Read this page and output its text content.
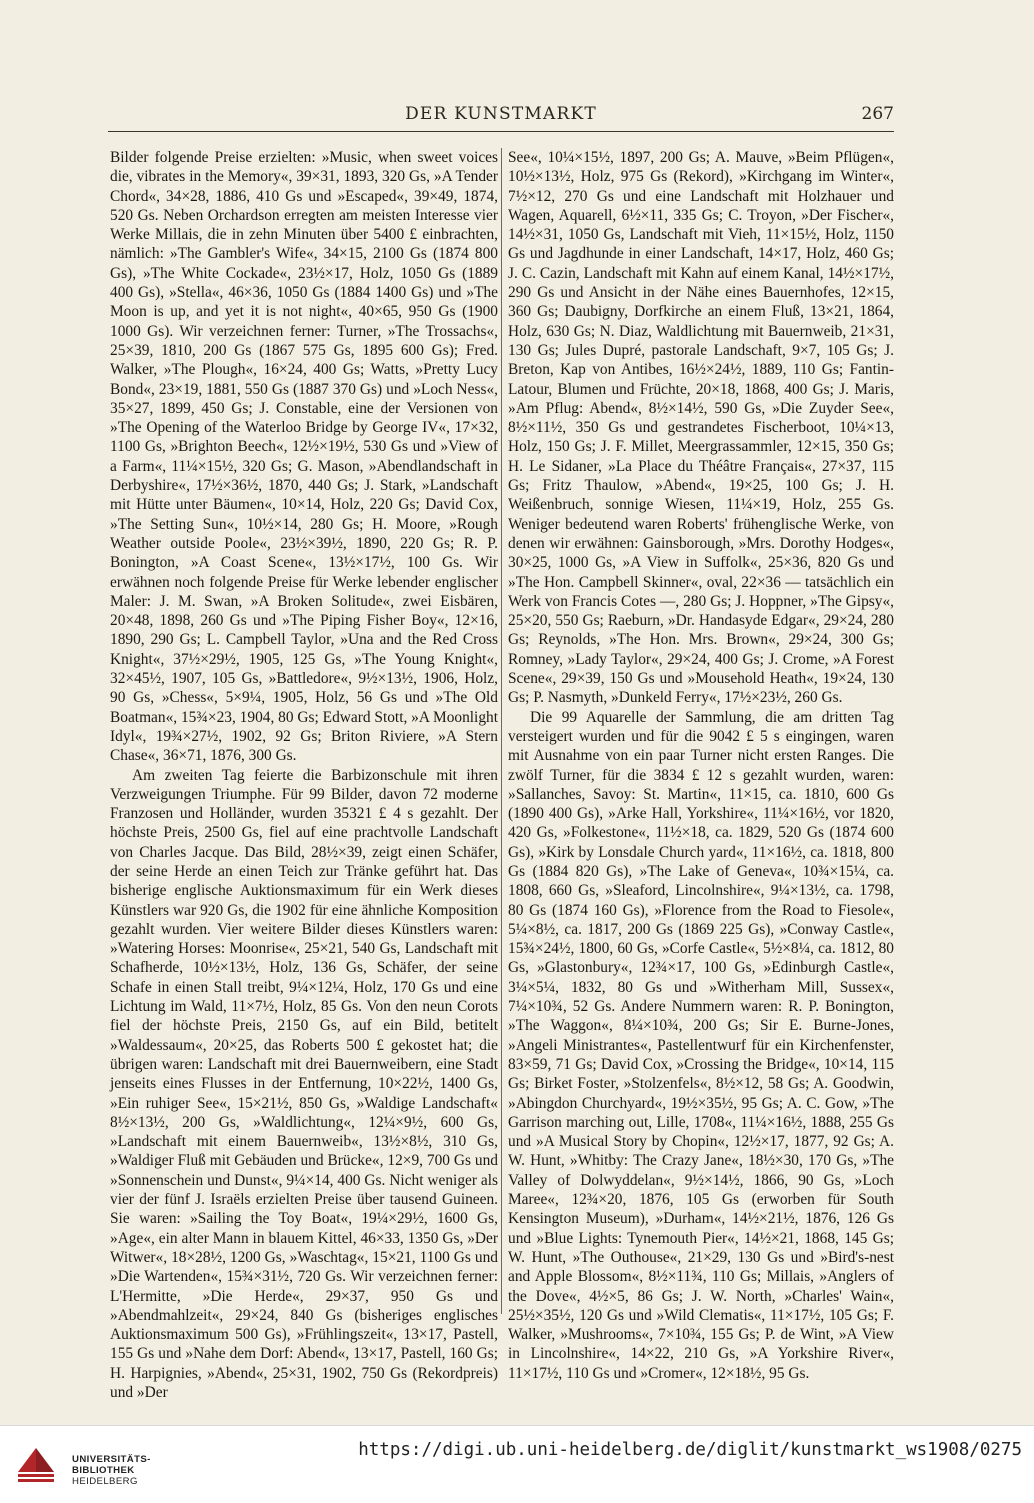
DER KUNSTMARKT	267

Bilder folgende Preise erzielten: »Music, when sweet voices die, vibrates in the Memory«, 39×31, 1893, 320 Gs, »A Tender Chord«, 34×28, 1886, 410 Gs und »Escaped«, 39×49, 1874, 520 Gs. Neben Orchardson erregten am meisten Interesse vier Werke Millais, die in zehn Minuten über 5400 £ einbrachten, nämlich: »The Gambler's Wife«, 34×15, 2100 Gs (1874 800 Gs), »The White Cockade«, 23½×17, Holz, 1050 Gs (1889 400 Gs), »Stella«, 46×36, 1050 Gs (1884 1400 Gs) und »The Moon is up, and yet it is not night«, 40×65, 950 Gs (1900 1000 Gs). Wir verzeichnen ferner: Turner, »The Trossachs«, 25×39, 1810, 200 Gs (1867 575 Gs, 1895 600 Gs); Fred. Walker, »The Plough«, 16×24, 400 Gs; Watts, »Pretty Lucy Bond«, 23×19, 1881, 550 Gs (1887 370 Gs) und »Loch Ness«, 35×27, 1899, 450 Gs; J. Constable, eine der Versionen von »The Opening of the Waterloo Bridge by George IV«, 17×32, 1100 Gs, »Brighton Beech«, 12½×19½, 530 Gs und »View of a Farm«, 11¼×15½, 320 Gs; G. Mason, »Abendlandschaft in Derbyshire«, 17½×36½, 1870, 440 Gs; J. Stark, »Landschaft mit Hütte unter Bäumen«, 10×14, Holz, 220 Gs; David Cox, »The Setting Sun«, 10½×14, 280 Gs; H. Moore, »Rough Weather outside Poole«, 23½×39½, 1890, 220 Gs; R. P. Bonington, »A Coast Scene«, 13½×17½, 100 Gs. Wir erwähnen noch folgende Preise für Werke lebender englischer Maler: J. M. Swan, »A Broken Solitude«, zwei Eisbären, 20×48, 1898, 260 Gs und »The Piping Fisher Boy«, 12×16, 1890, 290 Gs; L. Campbell Taylor, »Una and the Red Cross Knight«, 37½×29½, 1905, 125 Gs, »The Young Knight«, 32×45½, 1907, 105 Gs, »Battledore«, 9½×13½, 1906, Holz, 90 Gs, »Chess«, 5×9¼, 1905, Holz, 56 Gs und »The Old Boatman«, 15¾×23, 1904, 80 Gs; Edward Stott, »A Moonlight Idyl«, 19¾×27½, 1902, 92 Gs; Briton Riviere, »A Stern Chase«, 36×71, 1876, 300 Gs.

Am zweiten Tag feierte die Barbizonschule mit ihren Verzweigungen Triumphe. Für 99 Bilder, davon 72 moderne Franzosen und Holländer, wurden 35321 £ 4 s gezahlt. Der höchste Preis, 2500 Gs, fiel auf eine prachtvolle Landschaft von Charles Jacque. Das Bild, 28½×39, zeigt einen Schäfer, der seine Herde an einen Teich zur Tränke geführt hat. Das bisherige englische Auktionsmaximum für ein Werk dieses Künstlers war 920 Gs, die 1902 für eine ähnliche Komposition gezahlt wurden. Vier weitere Bilder dieses Künstlers waren: »Watering Horses: Moonrise«, 25×21, 540 Gs, Landschaft mit Schafherde, 10½×13½, Holz, 136 Gs, Schäfer, der seine Schafe in einen Stall treibt, 9¼×12¼, Holz, 170 Gs und eine Lichtung im Wald, 11×7½, Holz, 85 Gs. Von den neun Corots fiel der höchste Preis, 2150 Gs, auf ein Bild, betitelt »Waldessaum«, 20×25, das Roberts 500 £ gekostet hat; die übrigen waren: Landschaft mit drei Bauernweibern, eine Stadt jenseits eines Flusses in der Entfernung, 10×22½, 1400 Gs, »Ein ruhiger See«, 15×21½, 850 Gs, »Waldige Landschaft« 8½×13½, 200 Gs, »Waldlichtung«, 12¼×9½, 600 Gs, »Landschaft mit einem Bauernweib«, 13½×8½, 310 Gs, »Waldiger Fluß mit Gebäuden und Brücke«, 12×9, 700 Gs und »Sonnenschein und Dunst«, 9¼×14, 400 Gs. Nicht weniger als vier der fünf J. Israëls erzielten Preise über tausend Guineen. Sie waren: »Sailing the Toy Boat«, 19¼×29½, 1600 Gs, »Age«, ein alter Mann in blauem Kittel, 46×33, 1350 Gs, »Der Witwer«, 18×28½, 1200 Gs, »Waschtag«, 15×21, 1100 Gs und »Die Wartenden«, 15¾×31½, 720 Gs. Wir verzeichnen ferner: L'Hermitte, »Die Herde«, 29×37, 950 Gs und »Abendmahlzeit«, 29×24, 840 Gs (bisheriges englisches Auktionsmaximum 500 Gs), »Frühlingszeit«, 13×17, Pastell, 155 Gs und »Nahe dem Dorf: Abend«, 13×17, Pastell, 160 Gs; H. Harpignies, »Abend«, 25×31, 1902, 750 Gs (Rekordpreis) und »Der

See«, 10¼×15½, 1897, 200 Gs; A. Mauve, »Beim Pflügen«, 10½×13½, Holz, 975 Gs (Rekord), »Kirchgang im Winter«, 7½×12, 270 Gs und eine Landschaft mit Holzhauer und Wagen, Aquarell, 6½×11, 335 Gs; C. Troyon, »Der Fischer«, 14½×31, 1050 Gs, Landschaft mit Vieh, 11×15½, Holz, 1150 Gs und Jagdhunde in einer Landschaft, 14×17, Holz, 460 Gs; J. C. Cazin, Landschaft mit Kahn auf einem Kanal, 14½×17½, 290 Gs und Ansicht in der Nähe eines Bauernhofes, 12×15, 360 Gs; Daubigny, Dorfkirche an einem Fluß, 13×21, 1864, Holz, 630 Gs; N. Diaz, Waldlichtung mit Bauernweib, 21×31, 130 Gs; Jules Dupré, pastorale Landschaft, 9×7, 105 Gs; J. Breton, Kap von Antibes, 16½×24½, 1889, 110 Gs; Fantin-Latour, Blumen und Früchte, 20×18, 1868, 400 Gs; J. Maris, »Am Pflug: Abend«, 8½×14½, 590 Gs, »Die Zuyder See«, 8½×11½, 350 Gs und gestrandetes Fischerboot, 10¼×13, Holz, 150 Gs; J. F. Millet, Meergrassammler, 12×15, 350 Gs; H. Le Sidaner, »La Place du Théâtre Français«, 27×37, 115 Gs; Fritz Thaulow, »Abend«, 19×25, 100 Gs; J. H. Weißenbruch, sonnige Wiesen, 11¼×19, Holz, 255 Gs. Weniger bedeutend waren Roberts' frühenglische Werke, von denen wir erwähnen: Gainsborough, »Mrs. Dorothy Hodges«, 30×25, 1000 Gs, »A View in Suffolk«, 25×36, 820 Gs und »The Hon. Campbell Skinner«, oval, 22×36 — tatsächlich ein Werk von Francis Cotes —, 280 Gs; J. Hoppner, »The Gipsy«, 25×20, 550 Gs; Raeburn, »Dr. Handasyde Edgar«, 29×24, 280 Gs; Reynolds, »The Hon. Mrs. Brown«, 29×24, 300 Gs; Romney, »Lady Taylor«, 29×24, 400 Gs; J. Crome, »A Forest Scene«, 29×39, 150 Gs und »Mousehold Heath«, 19×24, 130 Gs; P. Nasmyth, »Dunkeld Ferry«, 17½×23½, 260 Gs.

Die 99 Aquarelle der Sammlung, die am dritten Tag versteigert wurden und für die 9042 £ 5 s eingingen, waren mit Ausnahme von ein paar Turner nicht ersten Ranges. Die zwölf Turner, für die 3834 £ 12 s gezahlt wurden, waren: »Sallanches, Savoy: St. Martin«, 11×15, ca. 1810, 600 Gs (1890 400 Gs), »Arke Hall, Yorkshire«, 11¼×16½, vor 1820, 420 Gs, »Folkestone«, 11½×18, ca. 1829, 520 Gs (1874 600 Gs), »Kirk by Lonsdale Church yard«, 11×16½, ca. 1818, 800 Gs (1884 820 Gs), »The Lake of Geneva«, 10¾×15¼, ca. 1808, 660 Gs, »Sleaford, Lincolnshire«, 9¼×13½, ca. 1798, 80 Gs (1874 160 Gs), »Florence from the Road to Fiesole«, 5¼×8½, ca. 1817, 200 Gs (1869 225 Gs), »Conway Castle«, 15¾×24½, 1800, 60 Gs, »Corfe Castle«, 5½×8¼, ca. 1812, 80 Gs, »Glastonbury«, 12¾×17, 100 Gs, »Edinburgh Castle«, 3¼×5¼, 1832, 80 Gs und »Witherham Mill, Sussex«, 7¼×10¾, 52 Gs. Andere Nummern waren: R. P. Bonington, »The Waggon«, 8¼×10¾, 200 Gs; Sir E. Burne-Jones, »Angeli Ministrantes«, Pastellentwurf für ein Kirchenfenster, 83×59, 71 Gs; David Cox, »Crossing the Bridge«, 10×14, 115 Gs; Birket Foster, »Stolzenfels«, 8½×12, 58 Gs; A. Goodwin, »Abingdon Churchyard«, 19½×35½, 95 Gs; A. C. Gow, »The Garrison marching out, Lille, 1708«, 11¼×16½, 1888, 255 Gs und »A Musical Story by Chopin«, 12½×17, 1877, 92 Gs; A. W. Hunt, »Whitby: The Crazy Jane«, 18½×30, 170 Gs, »The Valley of Dolwyddelan«, 9½×14½, 1866, 90 Gs, »Loch Maree«, 12¾×20, 1876, 105 Gs (erworben für South Kensington Museum), »Durham«, 14½×21½, 1876, 126 Gs und »Blue Lights: Tynemouth Pier«, 14½×21, 1868, 145 Gs; W. Hunt, »The Outhouse«, 21×29, 130 Gs und »Bird's-nest and Apple Blossom«, 8½×11¾, 110 Gs; Millais, »Anglers of the Dove«, 4½×5, 86 Gs; J. W. North, »Charles' Wain«, 25½×35½, 120 Gs und »Wild Clematis«, 11×17½, 105 Gs; F. Walker, »Mushrooms«, 7×10¾, 155 Gs; P. de Wint, »A View in Lincolnshire«, 14×22, 210 Gs, »A Yorkshire River«, 11×17½, 110 Gs und »Cromer«, 12×18½, 95 Gs.

UNIVERSITÄTS-
BIBLIOTHEK
HEIDELBERG
https://digi.ub.uni-heidelberg.de/diglit/kunstmarkt_ws1908/0275
